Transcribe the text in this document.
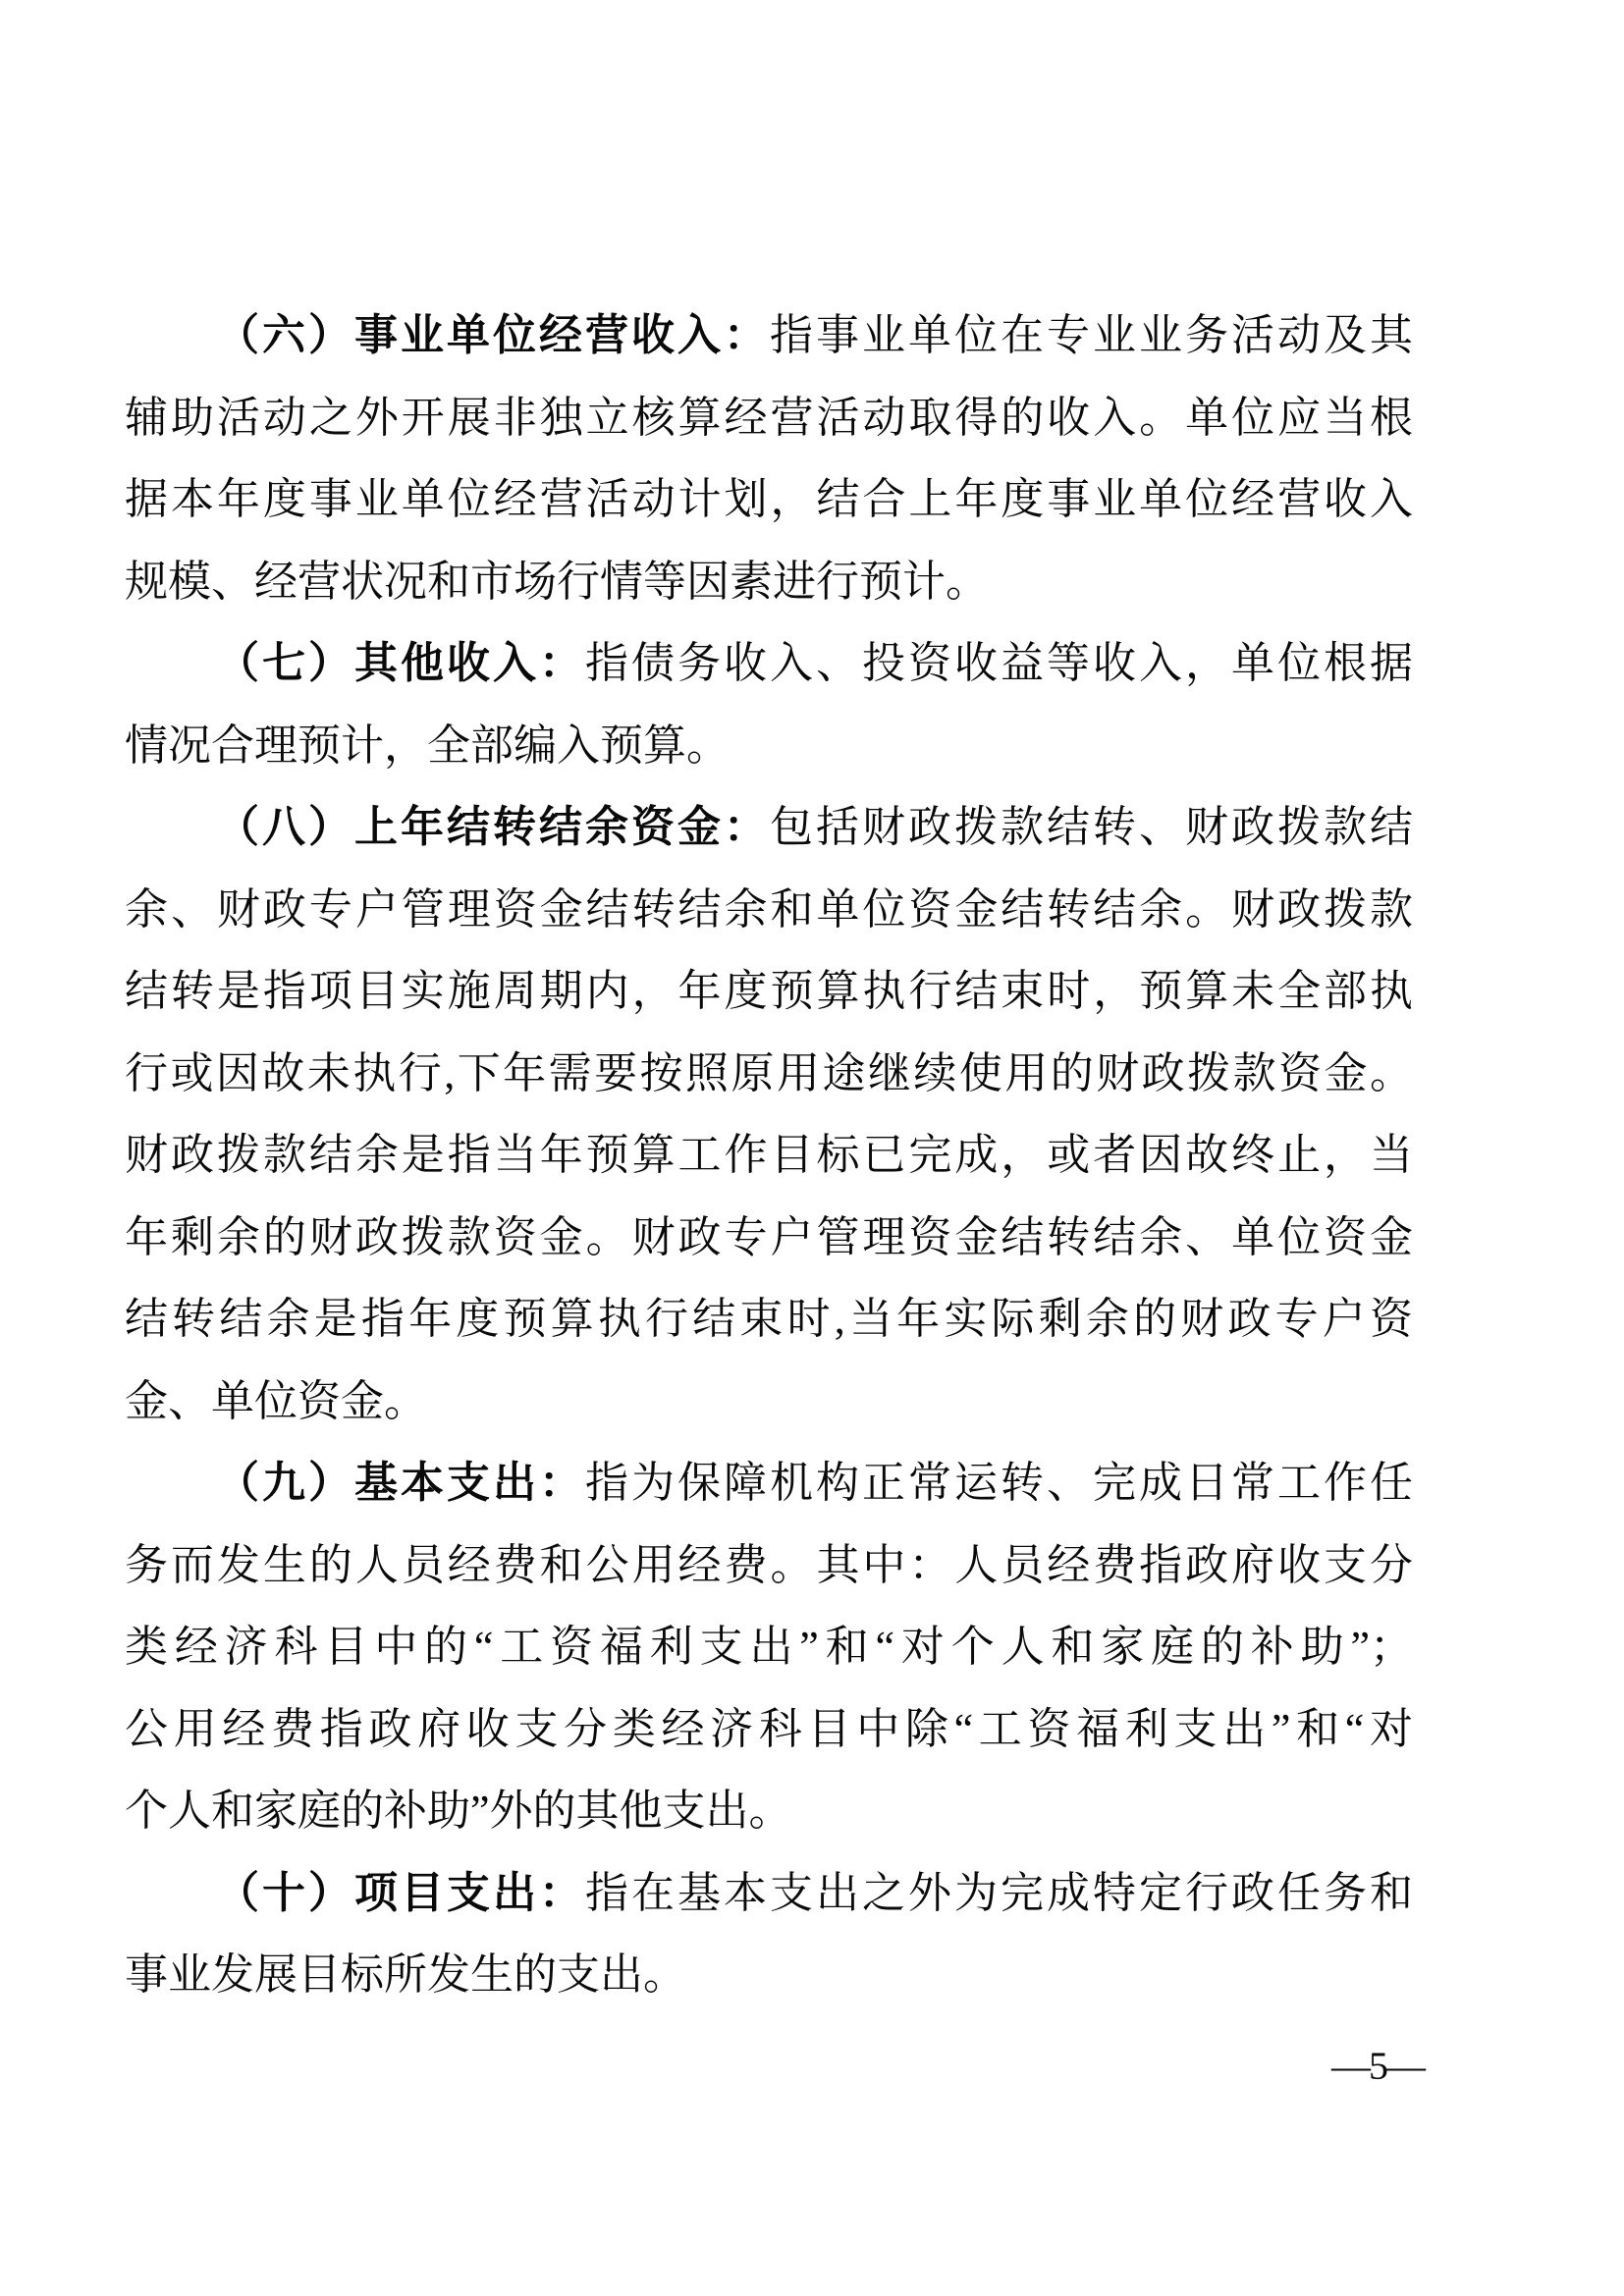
（六）事业单位经营收入：指事业单位在专业业务活动及其
辅助活动之外开展非独立核算经营活动取得的收入。单位应当根
据本年度事业单位经营活动计划，结合上年度事业单位经营收入
规模、经营状况和市场行情等因素进行预计。
（七）其他收入：指债务收入、投资收益等收入，单位根据
情况合理预计，全部编入预算。
（八）上年结转结余资金：包括财政拨款结转、财政拨款结
余、财政专户管理资金结转结余和单位资金结转结余。财政拨款
结转是指项目实施周期内，年度预算执行结束时，预算未全部执
行或因故未执行,下年需要按照原用途继续使用的财政拨款资金。
财政拨款结余是指当年预算工作目标已完成，或者因故终止，当
年剩余的财政拨款资金。财政专户管理资金结转结余、单位资金
结转结余是指年度预算执行结束时,当年实际剩余的财政专户资
金、单位资金。
（九）基本支出：指为保障机构正常运转、完成日常工作任
务而发生的人员经费和公用经费。其中：人员经费指政府收支分
类经济科目中的“工资福利支出”和“对个人和家庭的补助”；
公用经费指政府收支分类经济科目中除“工资福利支出”和“对
个人和家庭的补助”外的其他支出。
（十）项目支出：指在基本支出之外为完成特定行政任务和
事业发展目标所发生的支出。
—5—
